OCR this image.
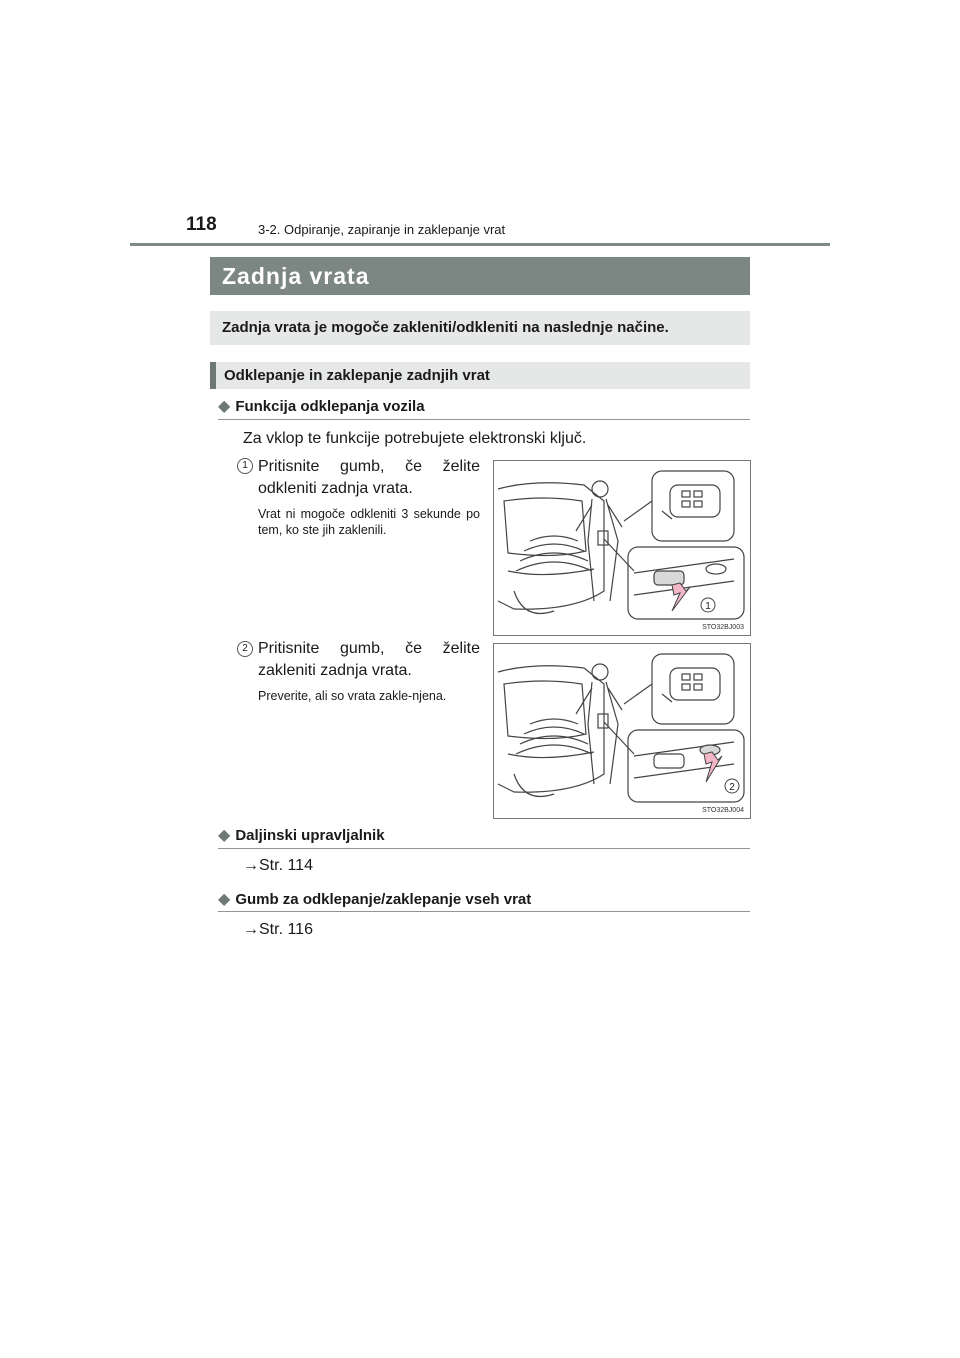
118	3-2. Odpiranje, zapiranje in zaklepanje vrat
Zadnja vrata
Zadnja vrata je mogoče zakleniti/odkleniti na naslednje načine.
Odklepanje in zaklepanje zadnjih vrat
◆ Funkcija odklepanja vozila
Za vklop te funkcije potrebujete elektronski ključ.
1 Pritisnite gumb, če želite odkleniti zadnja vrata.
Vrat ni mogoče odkleniti 3 sekunde po tem, ko ste jih zaklenili.
1
STO32BJ003
2 Pritisnite gumb, če želite zakleniti zadnja vrata.
Preverite, ali so vrata zakle-njena.
2
STO32BJ004
◆ Daljinski upravljalnik
→Str. 114
◆ Gumb za odklepanje/zaklepanje vseh vrat
→Str. 116
